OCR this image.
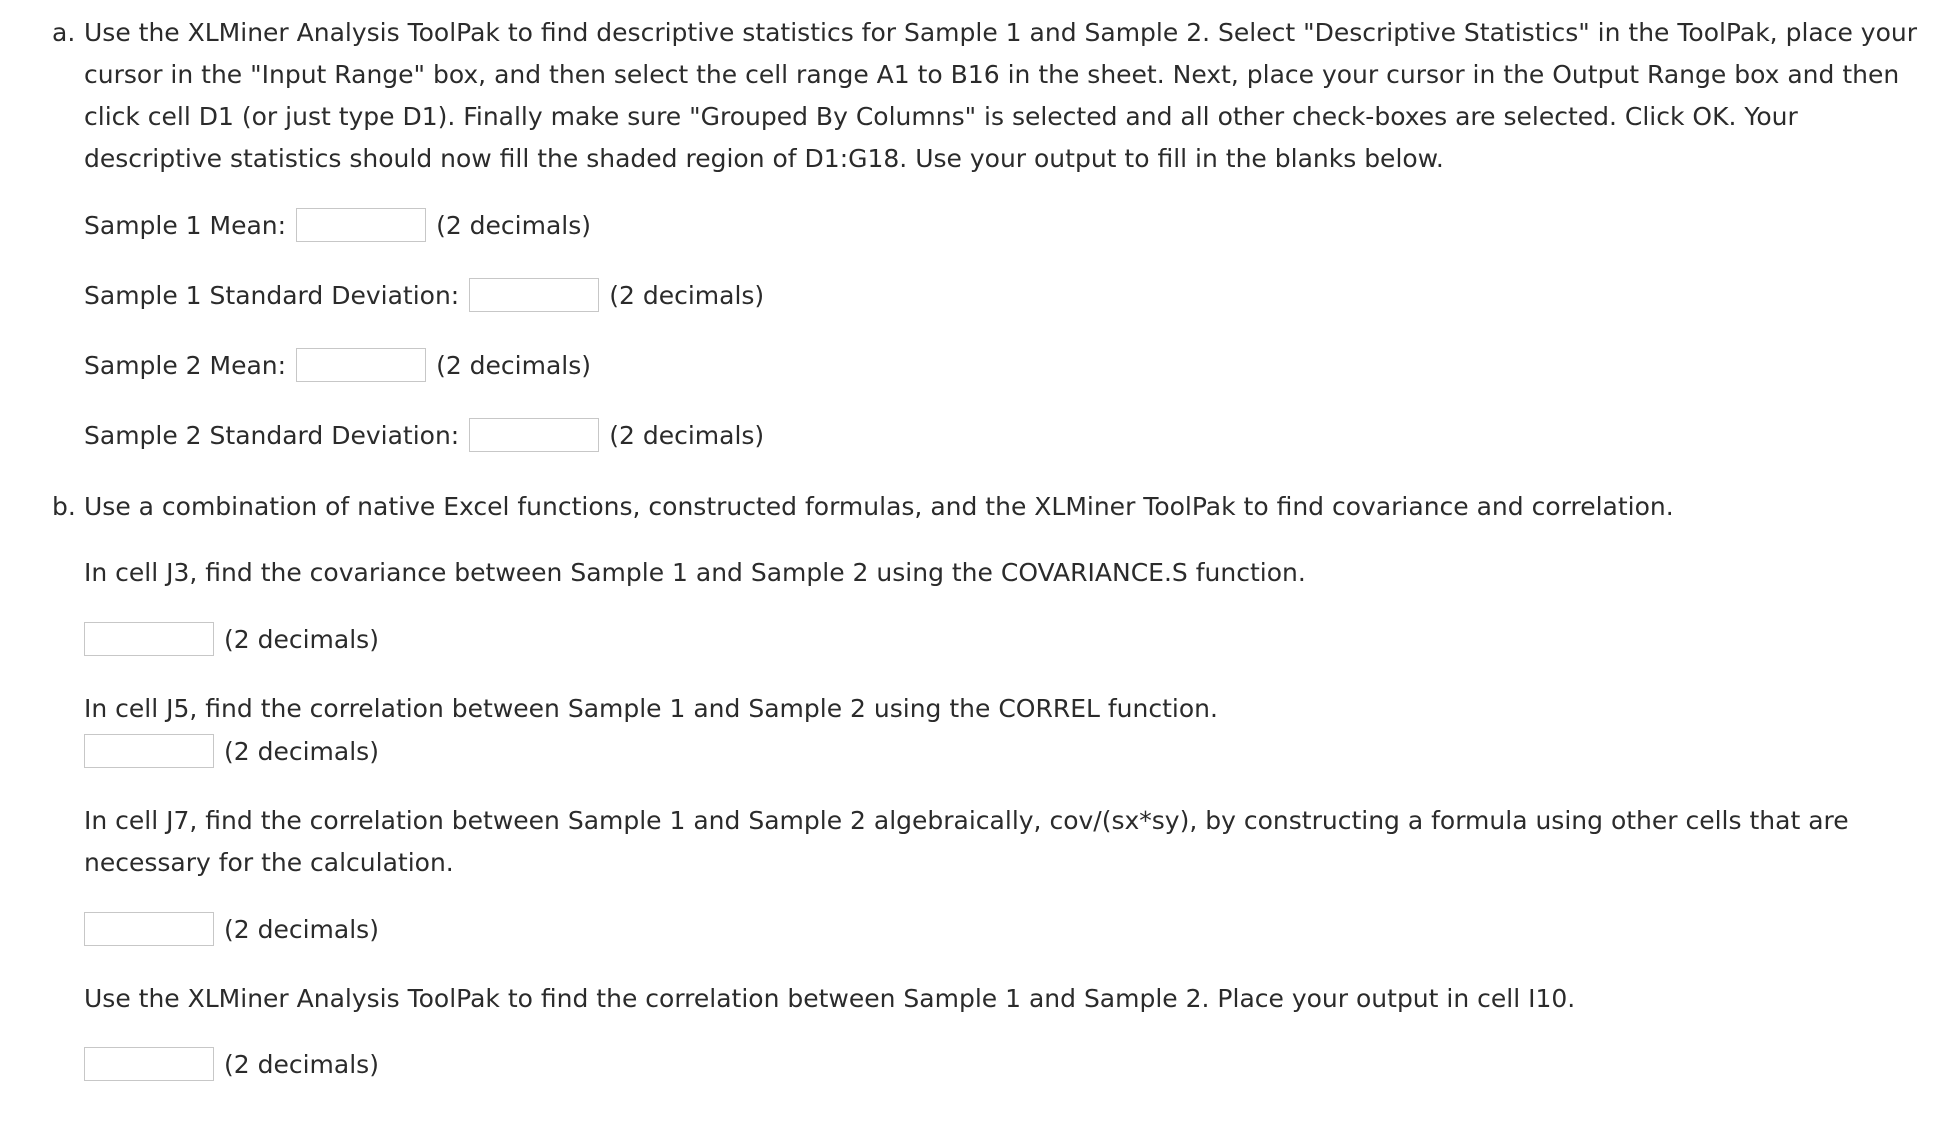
a. Use the XLMiner Analysis ToolPak to find descriptive statistics for Sample 1 and Sample 2. Select "Descriptive Statistics" in the ToolPak, place your cursor in the "Input Range" box, and then select the cell range A1 to B16 in the sheet. Next, place your cursor in the Output Range box and then click cell D1 (or just type D1). Finally make sure "Grouped By Columns" is selected and all other check-boxes are selected. Click OK. Your descriptive statistics should now fill the shaded region of D1:G18. Use your output to fill in the blanks below.

Sample 1 Mean:	(2 decimals)
Sample 1 Standard Deviation:	(2 decimals)
Sample 2 Mean:	(2 decimals)
Sample 2 Standard Deviation:	(2 decimals)
b. Use a combination of native Excel functions, constructed formulas, and the XLMiner ToolPak to find covariance and correlation.

In cell J3, find the covariance between Sample 1 and Sample 2 using the COVARIANCE.S function.
(2 decimals)
In cell J5, find the correlation between Sample 1 and Sample 2 using the CORREL function.
(2 decimals)
In cell J7, find the correlation between Sample 1 and Sample 2 algebraically, cov/(sx*sy), by constructing a formula using other cells that are necessary for the calculation.
(2 decimals)
Use the XLMiner Analysis ToolPak to find the correlation between Sample 1 and Sample 2. Place your output in cell I10.
(2 decimals)
